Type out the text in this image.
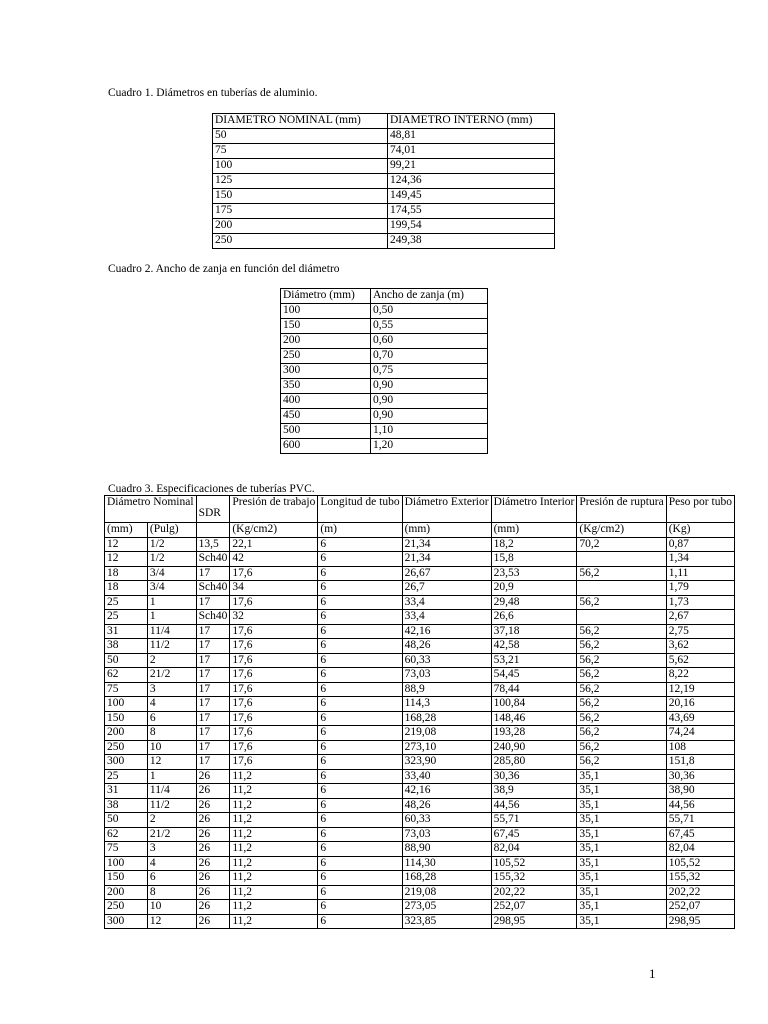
Cuadro 1. Diámetros en tuberías de aluminio.
DIAMETRO NOMINAL (mm)	DIAMETRO INTERNO (mm)
50	48,81
75	74,01
100	99,21
125	124,36
150	149,45
175	174,55
200	199,54
250	249,38
Cuadro 2. Ancho de zanja en función del diámetro
Diámetro (mm)	Ancho de zanja (m)
100	0,50
150	0,55
200	0,60
250	0,70
300	0,75
350	0,90
400	0,90
450	0,90
500	1,10
600	1,20
Cuadro 3. Especificaciones de tuberías PVC.
Diámetro Nominal		SDR	Presión de trabajo	Longitud de tubo	Diámetro Exterior	Diámetro Interior	Presión de ruptura	Peso por tubo
(mm)	(Pulg)		(Kg/cm2)	(m)	(mm)	(mm)	(Kg/cm2)	(Kg)
12	1/2	13,5	22,1	6	21,34	18,2	70,2	0,87
12	1/2	Sch40	42	6	21,34	15,8		1,34
18	3/4	17	17,6	6	26,67	23,53	56,2	1,11
18	3/4	Sch40	34	6	26,7	20,9		1,79
25	1	17	17,6	6	33,4	29,48	56,2	1,73
25	1	Sch40	32	6	33,4	26,6		2,67
31	11/4	17	17,6	6	42,16	37,18	56,2	2,75
38	11/2	17	17,6	6	48,26	42,58	56,2	3,62
50	2	17	17,6	6	60,33	53,21	56,2	5,62
62	21/2	17	17,6	6	73,03	54,45	56,2	8,22
75	3	17	17,6	6	88,9	78,44	56,2	12,19
100	4	17	17,6	6	114,3	100,84	56,2	20,16
150	6	17	17,6	6	168,28	148,46	56,2	43,69
200	8	17	17,6	6	219,08	193,28	56,2	74,24
250	10	17	17,6	6	273,10	240,90	56,2	108
300	12	17	17,6	6	323,90	285,80	56,2	151,8
25	1	26	11,2	6	33,40	30,36	35,1	30,36
31	11/4	26	11,2	6	42,16	38,9	35,1	38,90
38	11/2	26	11,2	6	48,26	44,56	35,1	44,56
50	2	26	11,2	6	60,33	55,71	35,1	55,71
62	21/2	26	11,2	6	73,03	67,45	35,1	67,45
75	3	26	11,2	6	88,90	82,04	35,1	82,04
100	4	26	11,2	6	114,30	105,52	35,1	105,52
150	6	26	11,2	6	168,28	155,32	35,1	155,32
200	8	26	11,2	6	219,08	202,22	35,1	202,22
250	10	26	11,2	6	273,05	252,07	35,1	252,07
300	12	26	11,2	6	323,85	298,95	35,1	298,95
1
